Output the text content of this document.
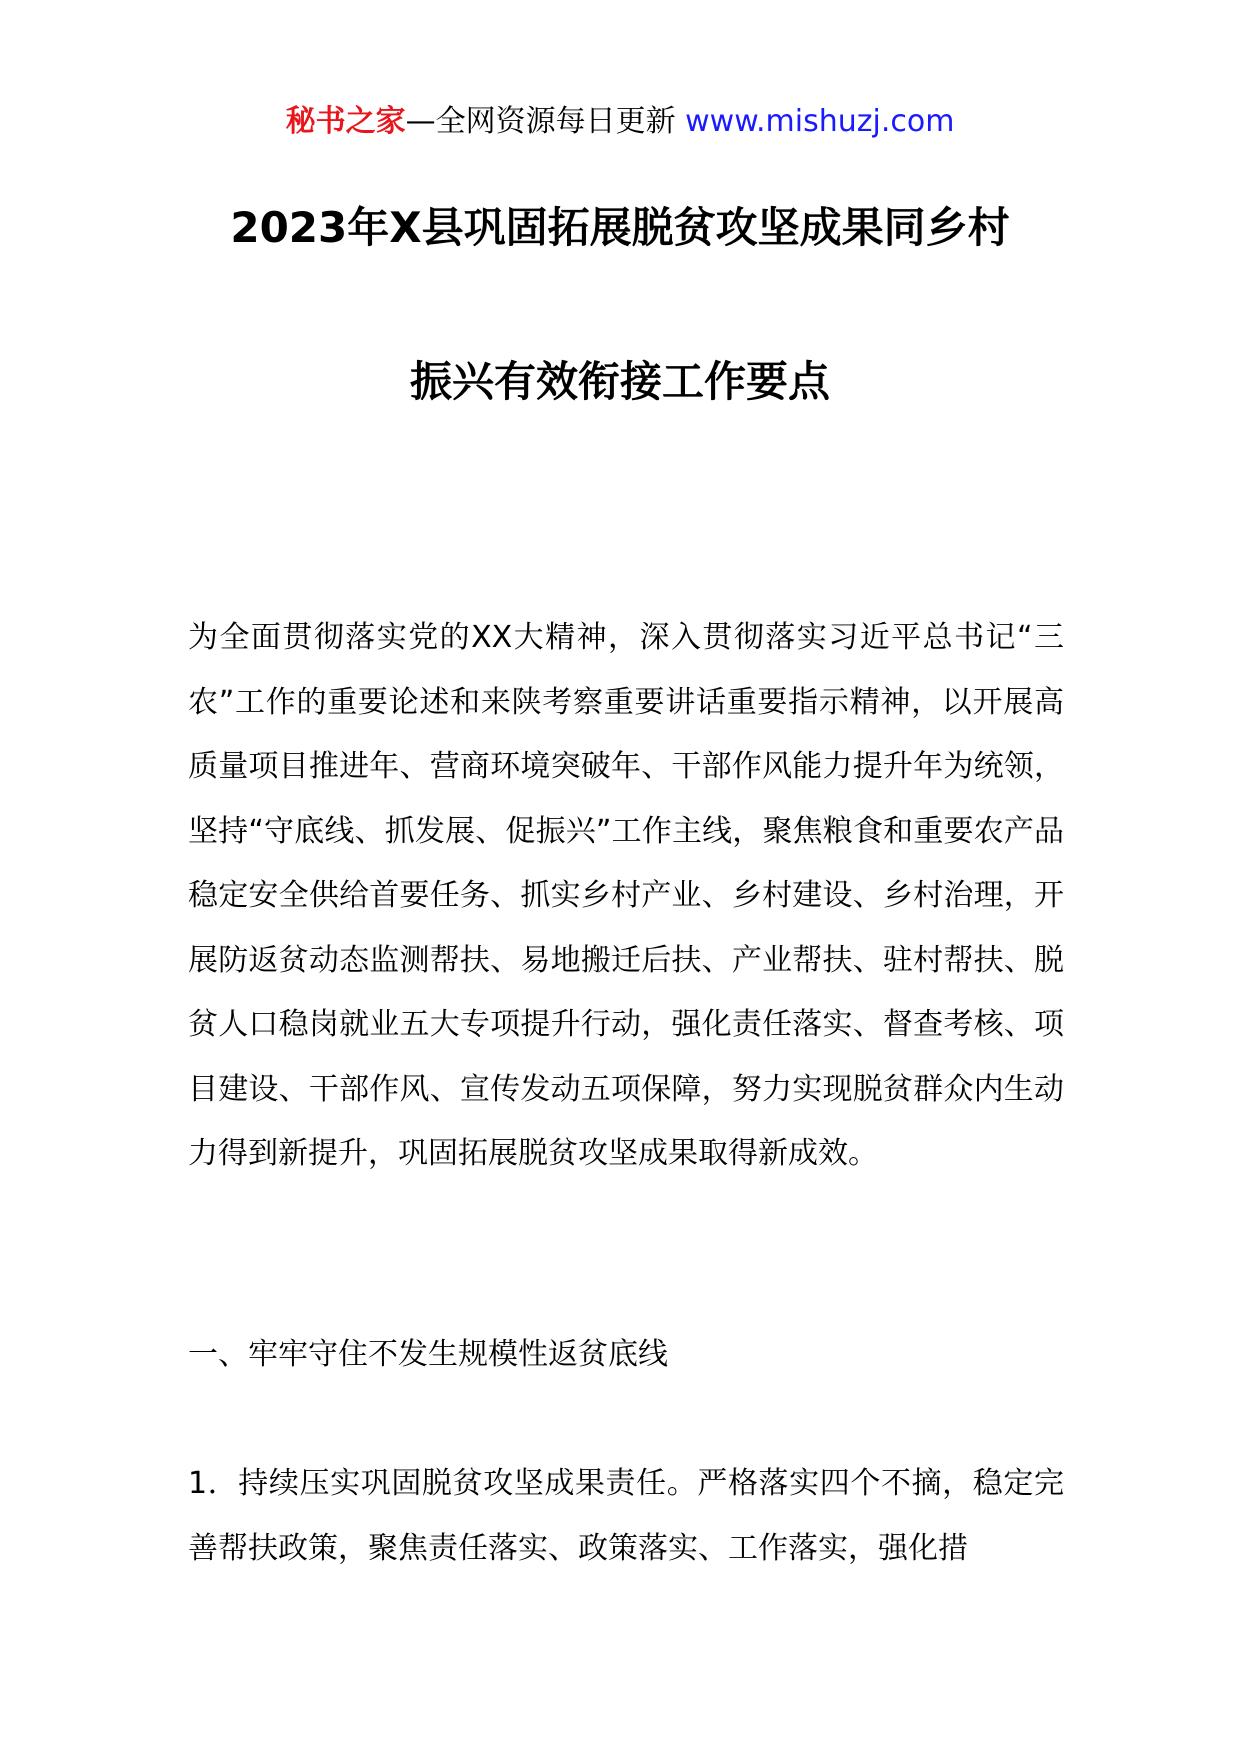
秘书之家—全网资源每日更新 www.mishuzj.com
2023年X县巩固拓展脱贫攻坚成果同乡村
振兴有效衔接工作要点

为全面贯彻落实党的XX大精神，深入贯彻落实习近平总书记“三农”工作的重要论述和来陕考察重要讲话重要指示精神，以开展高质量项目推进年、营商环境突破年、干部作风能力提升年为统领，坚持“守底线、抓发展、促振兴”工作主线，聚焦粮食和重要农产品稳定安全供给首要任务、抓实乡村产业、乡村建设、乡村治理，开展防返贫动态监测帮扶、易地搬迁后扶、产业帮扶、驻村帮扶、脱贫人口稳岗就业五大专项提升行动，强化责任落实、督查考核、项目建设、干部作风、宣传发动五项保障，努力实现脱贫群众内生动力得到新提升，巩固拓展脱贫攻坚成果取得新成效。

一、牢牢守住不发生规模性返贫底线

1．持续压实巩固脱贫攻坚成果责任。严格落实四个不摘，稳定完善帮扶政策，聚焦责任落实、政策落实、工作落实，强化措
